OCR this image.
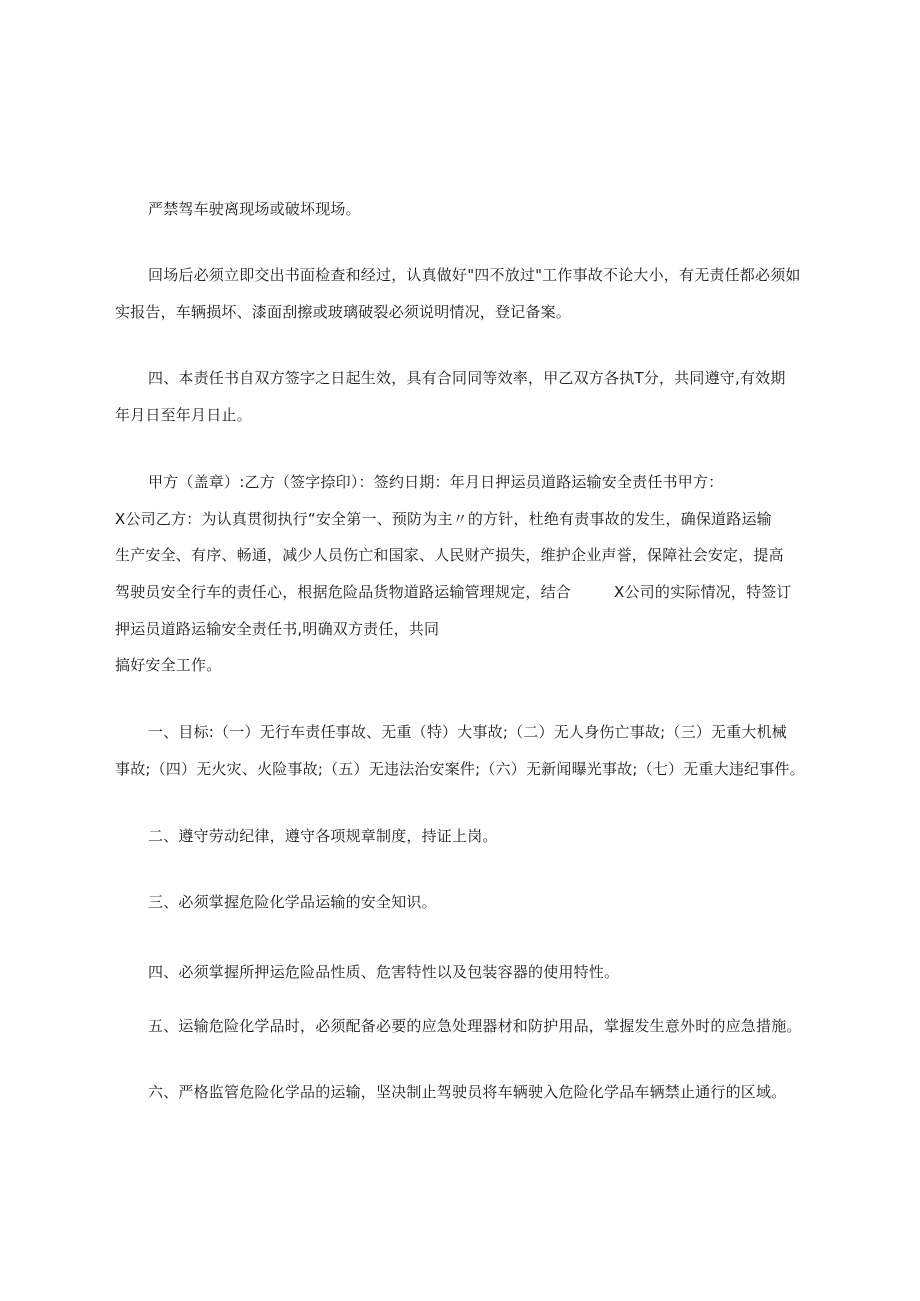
严禁驾车驶离现场或破坏现场。
回场后必须立即交出书面检查和经过，认真做好"四不放过"工作事故不论大小，有无责任都必须如
实报告，车辆损坏、漆面刮擦或玻璃破裂必须说明情况，登记备案。
四、本责任书自双方签字之日起生效，具有合同同等效率，甲乙双方各执T分，共同遵守,有效期
年月日至年月日止。
甲方（盖章）:乙方（签字捺印）：签约日期：年月日押运员道路运输安全责任书甲方：
X公司乙方：为认真贯彻执行“安全第一、预防为主〃的方针，杜绝有责事故的发生，确保道路运输
生产安全、有序、畅通，减少人员伤亡和国家、人民财产损失，维护企业声誉，保障社会安定，提高
驾驶员安全行车的责任心，根据危险品货物道路运输管理规定，结合	X公司的实际情况，特签订
押运员道路运输安全责任书,明确双方责任，共同
搞好安全工作。
一、目标:（一）无行车责任事故、无重（特）大事故;（二）无人身伤亡事故;（三）无重大机械
事故;（四）无火灾、火险事故;（五）无违法治安案件;（六）无新闻曝光事故;（七）无重大违纪事件。
二、遵守劳动纪律，遵守各项规章制度，持证上岗。
三、必须掌握危险化学品运输的安全知识。
四、必须掌握所押运危险品性质、危害特性以及包装容器的使用特性。
五、运输危险化学品时，必须配备必要的应急处理器材和防护用品，掌握发生意外时的应急措施。
六、严格监管危险化学品的运输，坚决制止驾驶员将车辆驶入危险化学品车辆禁止通行的区域。
